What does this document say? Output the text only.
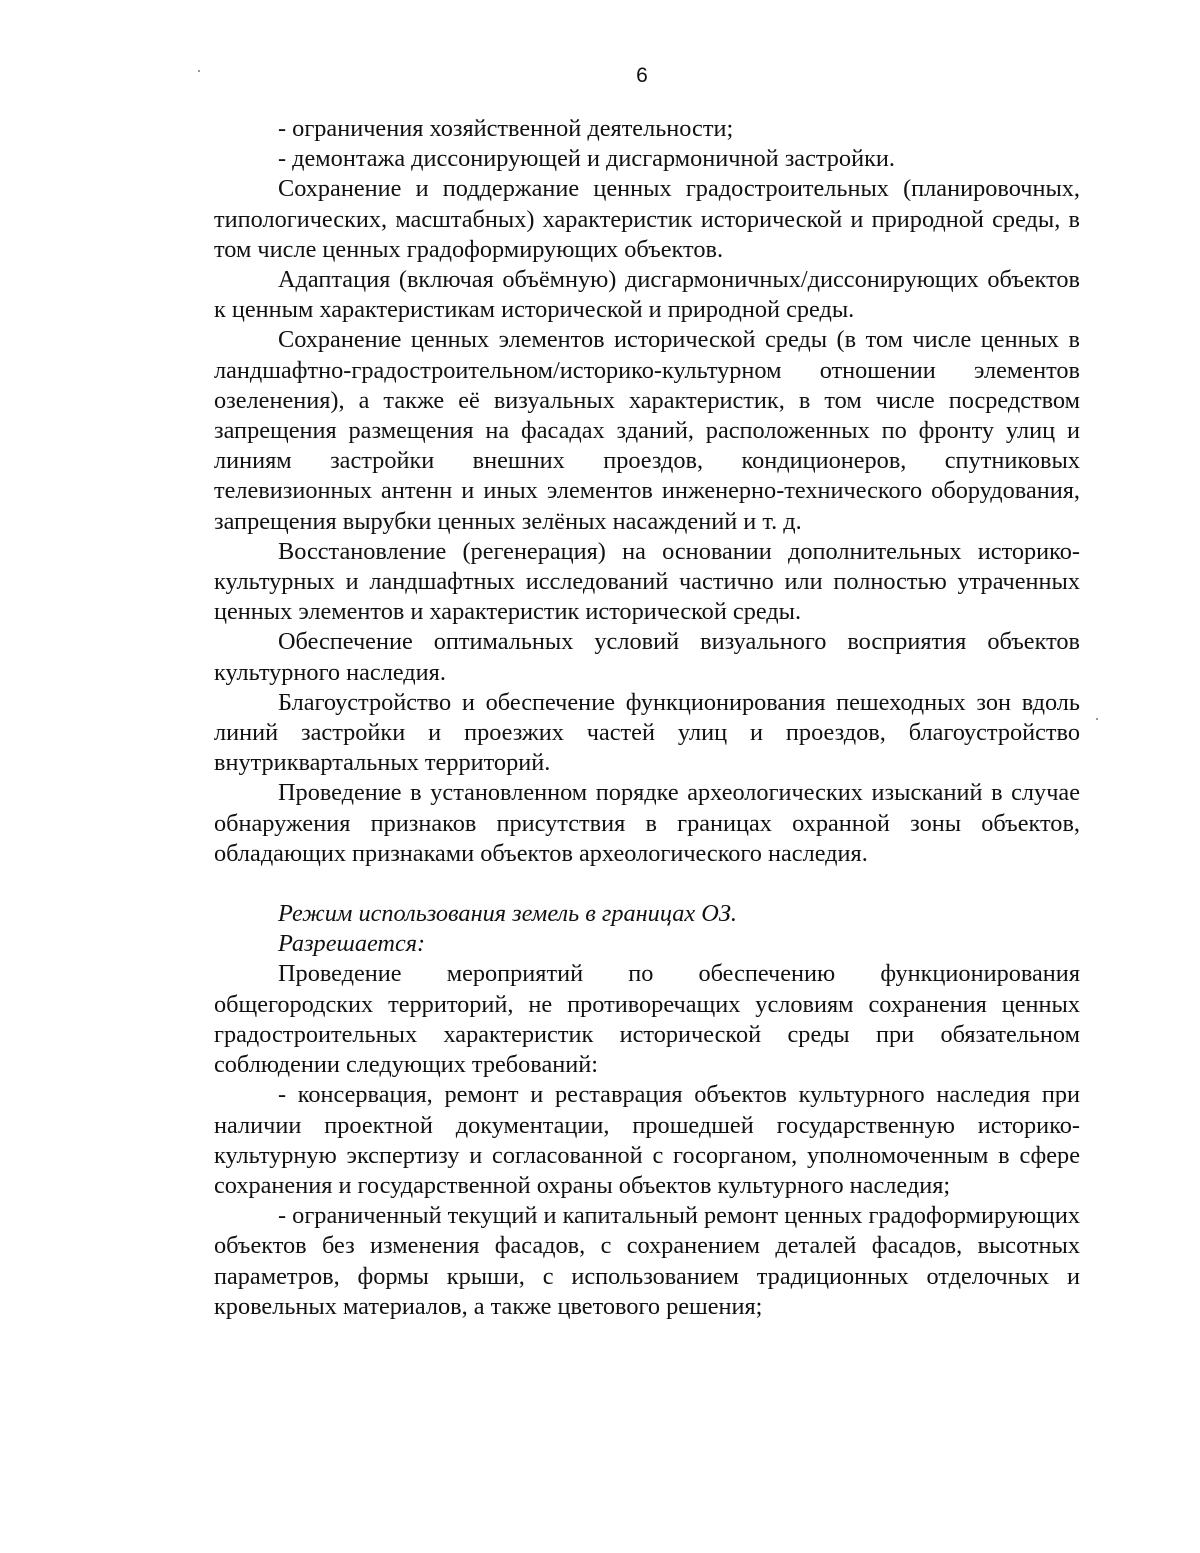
6

- ограничения хозяйственной деятельности;

- демонтажа диссонирующей и дисгармоничной застройки.

Сохранение и поддержание ценных градостроительных (планировочных, типологических, масштабных) характеристик исторической и природной среды, в том числе ценных градоформирующих объектов.

Адаптация (включая объёмную) дисгармоничных/диссонирующих объектов к ценным характеристикам исторической и природной среды.

Сохранение ценных элементов исторической среды (в том числе ценных в ландшафтно-градостроительном/историко-культурном отношении элементов озеленения), а также её визуальных характеристик, в том числе посредством запрещения размещения на фасадах зданий, расположенных по фронту улиц и линиям застройки внешних проездов, кондиционеров, спутниковых телевизионных антенн и иных элементов инженерно-технического оборудования, запрещения вырубки ценных зелёных насаждений и т. д.

Восстановление (регенерация) на основании дополнительных историко-культурных и ландшафтных исследований частично или полностью утраченных ценных элементов и характеристик исторической среды.

Обеспечение оптимальных условий визуального восприятия объектов культурного наследия.

Благоустройство и обеспечение функционирования пешеходных зон вдоль линий застройки и проезжих частей улиц и проездов, благоустройство внутриквартальных территорий.

Проведение в установленном порядке археологических изысканий в случае обнаружения признаков присутствия в границах охранной зоны объектов, обладающих признаками объектов археологического наследия.

Режим использования земель в границах ОЗ.

Разрешается:

Проведение мероприятий по обеспечению функционирования общегородских территорий, не противоречащих условиям сохранения ценных градостроительных характеристик исторической среды при обязательном соблюдении следующих требований:

- консервация, ремонт и реставрация объектов культурного наследия при наличии проектной документации, прошедшей государственную историко-культурную экспертизу и согласованной с госорганом, уполномоченным в сфере сохранения и государственной охраны объектов культурного наследия;

- ограниченный текущий и капитальный ремонт ценных градоформирующих объектов без изменения фасадов, с сохранением деталей фасадов, высотных параметров, формы крыши, с использованием традиционных отделочных и кровельных материалов, а также цветового решения;
